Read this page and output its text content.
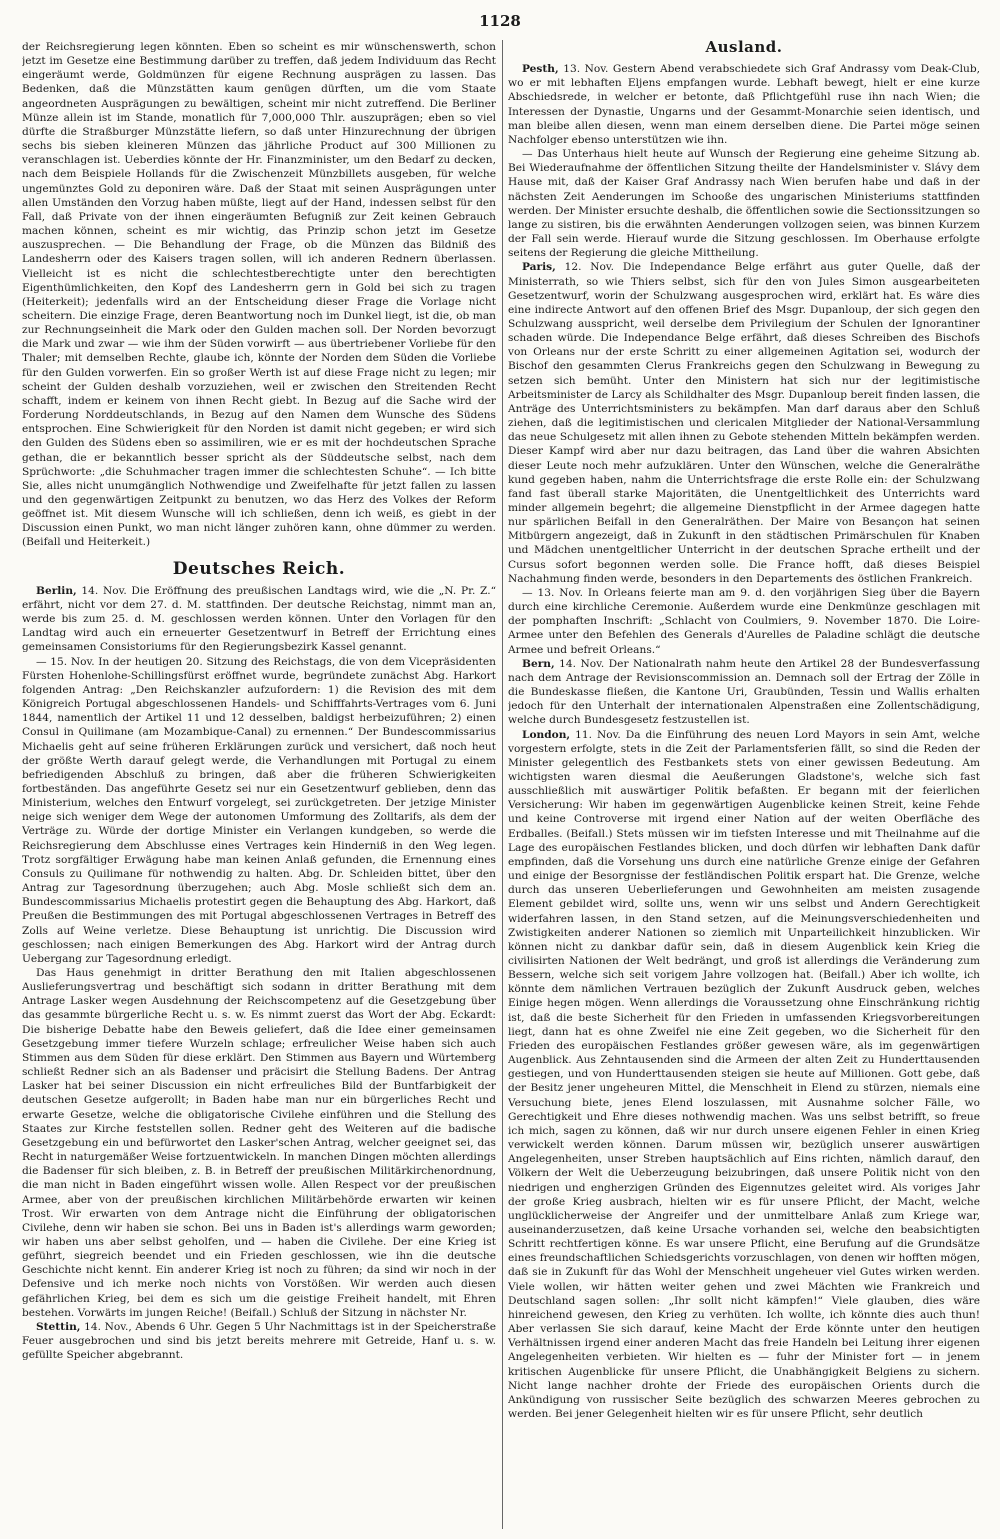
1128

der Reichsregierung legen könnten. Eben so scheint es mir wünschenswerth, schon jetzt im Gesetze eine Bestimmung darüber zu treffen, daß jedem Individuum das Recht eingeräumt werde, Goldmünzen für eigene Rechnung ausprägen zu lassen. Das Bedenken, daß die Münzstätten kaum genügen dürften, um die vom Staate angeordneten Ausprägungen zu bewältigen, scheint mir nicht zutreffend. Die Berliner Münze allein ist im Stande, monatlich für 7,000,000 Thlr. auszuprägen; eben so viel dürfte die Straßburger Münzstätte liefern, so daß unter Hinzurechnung der übrigen sechs bis sieben kleineren Münzen das jährliche Product auf 300 Millionen zu veranschlagen ist. Ueberdies könnte der Hr. Finanzminister, um den Bedarf zu decken, nach dem Beispiele Hollands für die Zwischenzeit Münzbillets ausgeben, für welche ungemünztes Gold zu deponiren wäre. Daß der Staat mit seinen Ausprägungen unter allen Umständen den Vorzug haben müßte, liegt auf der Hand, indessen selbst für den Fall, daß Private von der ihnen eingeräumten Befugniß zur Zeit keinen Gebrauch machen können, scheint es mir wichtig, das Prinzip schon jetzt im Gesetze auszusprechen. — Die Behandlung der Frage, ob die Münzen das Bildniß des Landesherrn oder des Kaisers tragen sollen, will ich anderen Rednern überlassen. Vielleicht ist es nicht die schlechtestberechtigte unter den berechtigten Eigenthümlichkeiten, den Kopf des Landesherrn gern in Gold bei sich zu tragen (Heiterkeit); jedenfalls wird an der Entscheidung dieser Frage die Vorlage nicht scheitern. Die einzige Frage, deren Beantwortung noch im Dunkel liegt, ist die, ob man zur Rechnungseinheit die Mark oder den Gulden machen soll. Der Norden bevorzugt die Mark und zwar — wie ihm der Süden vorwirft — aus übertriebener Vorliebe für den Thaler; mit demselben Rechte, glaube ich, könnte der Norden dem Süden die Vorliebe für den Gulden vorwerfen. Ein so großer Werth ist auf diese Frage nicht zu legen; mir scheint der Gulden deshalb vorzuziehen, weil er zwischen den Streitenden Recht schafft, indem er keinem von ihnen Recht giebt. In Bezug auf die Sache wird der Forderung Norddeutschlands, in Bezug auf den Namen dem Wunsche des Südens entsprochen. Eine Schwierigkeit für den Norden ist damit nicht gegeben; er wird sich den Gulden des Südens eben so assimiliren, wie er es mit der hochdeutschen Sprache gethan, die er bekanntlich besser spricht als der Süddeutsche selbst, nach dem Sprüchworte: „die Schuhmacher tragen immer die schlechtesten Schuhe“. — Ich bitte Sie, alles nicht unumgänglich Nothwendige und Zweifelhafte für jetzt fallen zu lassen und den gegenwärtigen Zeitpunkt zu benutzen, wo das Herz des Volkes der Reform geöffnet ist. Mit diesem Wunsche will ich schließen, denn ich weiß, es giebt in der Discussion einen Punkt, wo man nicht länger zuhören kann, ohne dümmer zu werden. (Beifall und Heiterkeit.)

Deutsches Reich.

Berlin, 14. Nov. Die Eröffnung des preußischen Landtags wird, wie die „N. Pr. Z.“ erfährt, nicht vor dem 27. d. M. stattfinden. Der deutsche Reichstag, nimmt man an, werde bis zum 25. d. M. geschlossen werden können. Unter den Vorlagen für den Landtag wird auch ein erneuerter Gesetzentwurf in Betreff der Errichtung eines gemeinsamen Consistoriums für den Regierungsbezirk Kassel genannt.

— 15. Nov. In der heutigen 20. Sitzung des Reichstags, die von dem Vicepräsidenten Fürsten Hohenlohe-Schillingsfürst eröffnet wurde, begründete zunächst Abg. Harkort folgenden Antrag: „Den Reichskanzler aufzufordern: 1) die Revision des mit dem Königreich Portugal abgeschlossenen Handels- und Schifffahrts-Vertrages vom 6. Juni 1844, namentlich der Artikel 11 und 12 desselben, baldigst herbeizuführen; 2) einen Consul in Quilimane (am Mozambique-Canal) zu ernennen.“ Der Bundescommissarius Michaelis geht auf seine früheren Erklärungen zurück und versichert, daß noch heut der größte Werth darauf gelegt werde, die Verhandlungen mit Portugal zu einem befriedigenden Abschluß zu bringen, daß aber die früheren Schwierigkeiten fortbeständen. Das angeführte Gesetz sei nur ein Gesetzentwurf geblieben, denn das Ministerium, welches den Entwurf vorgelegt, sei zurückgetreten. Der jetzige Minister neige sich weniger dem Wege der autonomen Umformung des Zolltarifs, als dem der Verträge zu. Würde der dortige Minister ein Verlangen kundgeben, so werde die Reichsregierung dem Abschlusse eines Vertrages kein Hinderniß in den Weg legen. Trotz sorgfältiger Erwägung habe man keinen Anlaß gefunden, die Ernennung eines Consuls zu Quilimane für nothwendig zu halten. Abg. Dr. Schleiden bittet, über den Antrag zur Tagesordnung überzugehen; auch Abg. Mosle schließt sich dem an. Bundescommissarius Michaelis protestirt gegen die Behauptung des Abg. Harkort, daß Preußen die Bestimmungen des mit Portugal abgeschlossenen Vertrages in Betreff des Zolls auf Weine verletze. Diese Behauptung ist unrichtig. Die Discussion wird geschlossen; nach einigen Bemerkungen des Abg. Harkort wird der Antrag durch Uebergang zur Tagesordnung erledigt.

Das Haus genehmigt in dritter Berathung den mit Italien abgeschlossenen Auslieferungsvertrag und beschäftigt sich sodann in dritter Berathung mit dem Antrage Lasker wegen Ausdehnung der Reichscompetenz auf die Gesetzgebung über das gesammte bürgerliche Recht u. s. w. Es nimmt zuerst das Wort der Abg. Eckardt: Die bisherige Debatte habe den Beweis geliefert, daß die Idee einer gemeinsamen Gesetzgebung immer tiefere Wurzeln schlage; erfreulicher Weise haben sich auch Stimmen aus dem Süden für diese erklärt. Den Stimmen aus Bayern und Würtemberg schließt Redner sich an als Badenser und präcisirt die Stellung Badens. Der Antrag Lasker hat bei seiner Discussion ein nicht erfreuliches Bild der Buntfarbigkeit der deutschen Gesetze aufgerollt; in Baden habe man nur ein bürgerliches Recht und erwarte Gesetze, welche die obligatorische Civilehe einführen und die Stellung des Staates zur Kirche feststellen sollen. Redner geht des Weiteren auf die badische Gesetzgebung ein und befürwortet den Lasker'schen Antrag, welcher geeignet sei, das Recht in naturgemäßer Weise fortzuentwickeln. In manchen Dingen möchten allerdings die Badenser für sich bleiben, z. B. in Betreff der preußischen Militärkirchenordnung, die man nicht in Baden eingeführt wissen wolle. Allen Respect vor der preußischen Armee, aber von der preußischen kirchlichen Militärbehörde erwarten wir keinen Trost. Wir erwarten von dem Antrage nicht die Einführung der obligatorischen Civilehe, denn wir haben sie schon. Bei uns in Baden ist's allerdings warm geworden; wir haben uns aber selbst geholfen, und — haben die Civilehe. Der eine Krieg ist geführt, siegreich beendet und ein Frieden geschlossen, wie ihn die deutsche Geschichte nicht kennt. Ein anderer Krieg ist noch zu führen; da sind wir noch in der Defensive und ich merke noch nichts von Vorstößen. Wir werden auch diesen gefährlichen Krieg, bei dem es sich um die geistige Freiheit handelt, mit Ehren bestehen. Vorwärts im jungen Reiche! (Beifall.) Schluß der Sitzung in nächster Nr.

Stettin, 14. Nov., Abends 6 Uhr. Gegen 5 Uhr Nachmittags ist in der Speicherstraße Feuer ausgebrochen und sind bis jetzt bereits mehrere mit Getreide, Hanf u. s. w. gefüllte Speicher abgebrannt.

Ausland.

Pesth, 13. Nov. Gestern Abend verabschiedete sich Graf Andrassy vom Deak-Club, wo er mit lebhaften Eljens empfangen wurde. Lebhaft bewegt, hielt er eine kurze Abschiedsrede, in welcher er betonte, daß Pflichtgefühl ruse ihn nach Wien; die Interessen der Dynastie, Ungarns und der Gesammt-Monarchie seien identisch, und man bleibe allen diesen, wenn man einem derselben diene. Die Partei möge seinen Nachfolger ebenso unterstützen wie ihn.

— Das Unterhaus hielt heute auf Wunsch der Regierung eine geheime Sitzung ab. Bei Wiederaufnahme der öffentlichen Sitzung theilte der Handelsminister v. Slávy dem Hause mit, daß der Kaiser Graf Andrassy nach Wien berufen habe und daß in der nächsten Zeit Aenderungen im Schooße des ungarischen Ministeriums stattfinden werden. Der Minister ersuchte deshalb, die öffentlichen sowie die Sectionssitzungen so lange zu sistiren, bis die erwähnten Aenderungen vollzogen seien, was binnen Kurzem der Fall sein werde. Hierauf wurde die Sitzung geschlossen. Im Oberhause erfolgte seitens der Regierung die gleiche Mittheilung.

Paris, 12. Nov. Die Independance Belge erfährt aus guter Quelle, daß der Ministerrath, so wie Thiers selbst, sich für den von Jules Simon ausgearbeiteten Gesetzentwurf, worin der Schulzwang ausgesprochen wird, erklärt hat. Es wäre dies eine indirecte Antwort auf den offenen Brief des Msgr. Dupanloup, der sich gegen den Schulzwang ausspricht, weil derselbe dem Privilegium der Schulen der Ignorantiner schaden würde. Die Independance Belge erfährt, daß dieses Schreiben des Bischofs von Orleans nur der erste Schritt zu einer allgemeinen Agitation sei, wodurch der Bischof den gesammten Clerus Frankreichs gegen den Schulzwang in Bewegung zu setzen sich bemüht. Unter den Ministern hat sich nur der legitimistische Arbeitsminister de Larcy als Schildhalter des Msgr. Dupanloup bereit finden lassen, die Anträge des Unterrichtsministers zu bekämpfen. Man darf daraus aber den Schluß ziehen, daß die legitimistischen und clericalen Mitglieder der National-Versammlung das neue Schulgesetz mit allen ihnen zu Gebote stehenden Mitteln bekämpfen werden. Dieser Kampf wird aber nur dazu beitragen, das Land über die wahren Absichten dieser Leute noch mehr aufzuklären. Unter den Wünschen, welche die Generalräthe kund gegeben haben, nahm die Unterrichtsfrage die erste Rolle ein: der Schulzwang fand fast überall starke Majoritäten, die Unentgeltlichkeit des Unterrichts ward minder allgemein begehrt; die allgemeine Dienstpflicht in der Armee dagegen hatte nur spärlichen Beifall in den Generalräthen. Der Maire von Besançon hat seinen Mitbürgern angezeigt, daß in Zukunft in den städtischen Primärschulen für Knaben und Mädchen unentgeltlicher Unterricht in der deutschen Sprache ertheilt und der Cursus sofort begonnen werden solle. Die France hofft, daß dieses Beispiel Nachahmung finden werde, besonders in den Departements des östlichen Frankreich.

— 13. Nov. In Orleans feierte man am 9. d. den vorjährigen Sieg über die Bayern durch eine kirchliche Ceremonie. Außerdem wurde eine Denkmünze geschlagen mit der pomphaften Inschrift: „Schlacht von Coulmiers, 9. November 1870. Die Loire-Armee unter den Befehlen des Generals d'Aurelles de Paladine schlägt die deutsche Armee und befreit Orleans.“

Bern, 14. Nov. Der Nationalrath nahm heute den Artikel 28 der Bundesverfassung nach dem Antrage der Revisionscommission an. Demnach soll der Ertrag der Zölle in die Bundeskasse fließen, die Kantone Uri, Graubünden, Tessin und Wallis erhalten jedoch für den Unterhalt der internationalen Alpenstraßen eine Zollentschädigung, welche durch Bundesgesetz festzustellen ist.

London, 11. Nov. Da die Einführung des neuen Lord Mayors in sein Amt, welche vorgestern erfolgte, stets in die Zeit der Parlamentsferien fällt, so sind die Reden der Minister gelegentlich des Festbankets stets von einer gewissen Bedeutung. Am wichtigsten waren diesmal die Aeußerungen Gladstone's, welche sich fast ausschließlich mit auswärtiger Politik befaßten. Er begann mit der feierlichen Versicherung: Wir haben im gegenwärtigen Augenblicke keinen Streit, keine Fehde und keine Controverse mit irgend einer Nation auf der weiten Oberfläche des Erdballes. (Beifall.) Stets müssen wir im tiefsten Interesse und mit Theilnahme auf die Lage des europäischen Festlandes blicken, und doch dürfen wir lebhaften Dank dafür empfinden, daß die Vorsehung uns durch eine natürliche Grenze einige der Gefahren und einige der Besorgnisse der festländischen Politik erspart hat. Die Grenze, welche durch das unseren Ueberlieferungen und Gewohnheiten am meisten zusagende Element gebildet wird, sollte uns, wenn wir uns selbst und Andern Gerechtigkeit widerfahren lassen, in den Stand setzen, auf die Meinungsverschiedenheiten und Zwistigkeiten anderer Nationen so ziemlich mit Unparteilichkeit hinzublicken. Wir können nicht zu dankbar dafür sein, daß in diesem Augenblick kein Krieg die civilisirten Nationen der Welt bedrängt, und groß ist allerdings die Veränderung zum Bessern, welche sich seit vorigem Jahre vollzogen hat. (Beifall.) Aber ich wollte, ich könnte dem nämlichen Vertrauen bezüglich der Zukunft Ausdruck geben, welches Einige hegen mögen. Wenn allerdings die Voraussetzung ohne Einschränkung richtig ist, daß die beste Sicherheit für den Frieden in umfassenden Kriegsvorbereitungen liegt, dann hat es ohne Zweifel nie eine Zeit gegeben, wo die Sicherheit für den Frieden des europäischen Festlandes größer gewesen wäre, als im gegenwärtigen Augenblick. Aus Zehntausenden sind die Armeen der alten Zeit zu Hunderttausenden gestiegen, und von Hunderttausenden steigen sie heute auf Millionen. Gott gebe, daß der Besitz jener ungeheuren Mittel, die Menschheit in Elend zu stürzen, niemals eine Versuchung biete, jenes Elend loszulassen, mit Ausnahme solcher Fälle, wo Gerechtigkeit und Ehre dieses nothwendig machen. Was uns selbst betrifft, so freue ich mich, sagen zu können, daß wir nur durch unsere eigenen Fehler in einen Krieg verwickelt werden können. Darum müssen wir, bezüglich unserer auswärtigen Angelegenheiten, unser Streben hauptsächlich auf Eins richten, nämlich darauf, den Völkern der Welt die Ueberzeugung beizubringen, daß unsere Politik nicht von den niedrigen und engherzigen Gründen des Eigennutzes geleitet wird. Als voriges Jahr der große Krieg ausbrach, hielten wir es für unsere Pflicht, der Macht, welche unglücklicherweise der Angreifer und der unmittelbare Anlaß zum Kriege war, auseinanderzusetzen, daß keine Ursache vorhanden sei, welche den beabsichtigten Schritt rechtfertigen könne. Es war unsere Pflicht, eine Berufung auf die Grundsätze eines freundschaftlichen Schiedsgerichts vorzuschlagen, von denen wir hofften mögen, daß sie in Zukunft für das Wohl der Menschheit ungeheuer viel Gutes wirken werden. Viele wollen, wir hätten weiter gehen und zwei Mächten wie Frankreich und Deutschland sagen sollen: „Ihr sollt nicht kämpfen!“ Viele glauben, dies wäre hinreichend gewesen, den Krieg zu verhüten. Ich wollte, ich könnte dies auch thun! Aber verlassen Sie sich darauf, keine Macht der Erde könnte unter den heutigen Verhältnissen irgend einer anderen Macht das freie Handeln bei Leitung ihrer eigenen Angelegenheiten verbieten. Wir hielten es — fuhr der Minister fort — in jenem kritischen Augenblicke für unsere Pflicht, die Unabhängigkeit Belgiens zu sichern. Nicht lange nachher drohte der Friede des europäischen Orients durch die Ankündigung von russischer Seite bezüglich des schwarzen Meeres gebrochen zu werden. Bei jener Gelegenheit hielten wir es für unsere Pflicht, sehr deutlich
